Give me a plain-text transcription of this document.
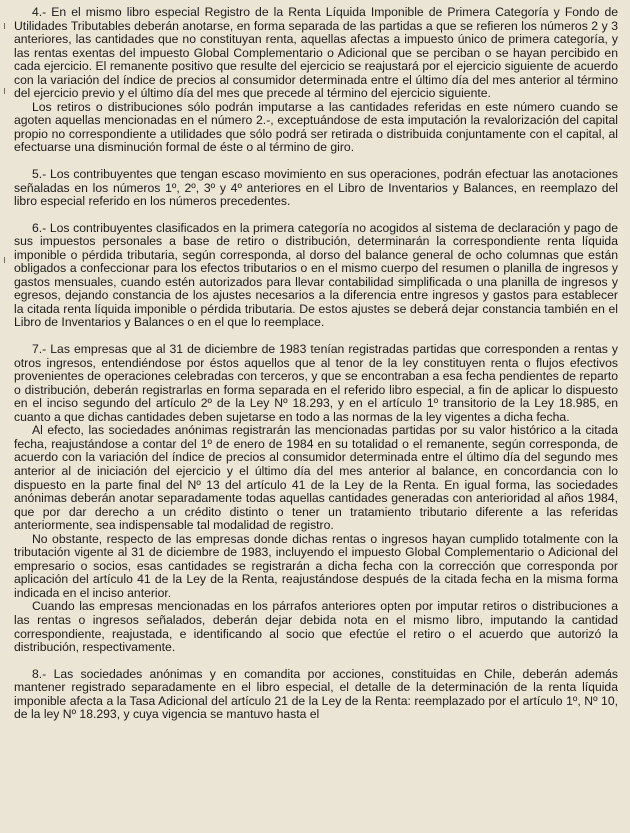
ı
ı
ı

4.- En el mismo libro especial Registro de la Renta Líquida Imponible de Primera Categoría y Fondo de Utilidades Tributables deberán anotarse, en forma separada de las partidas a que se refieren los números 2 y 3 anteriores, las cantidades que no constituyan renta, aquellas afectas a impuesto único de primera categoría, y las rentas exentas del impuesto Global Complementario o Adicional que se perciban o se hayan percibido en cada ejercicio. El remanente positivo que resulte del ejercicio se reajustará por el ejercicio siguiente de acuerdo con la variación del índice de precios al consumidor determinada entre el último día del mes anterior al término del ejercicio previo y el último día del mes que precede al término del ejercicio siguiente.

Los retiros o distribuciones sólo podrán imputarse a las cantidades referidas en este número cuando se agoten aquellas mencionadas en el número 2.-, exceptuándose de esta imputación la revalorización del capital propio no correspondiente a utilidades que sólo podrá ser retirada o distribuida conjuntamente con el capital, al efectuarse una disminución formal de éste o al término de giro.

5.- Los contribuyentes que tengan escaso movimiento en sus operaciones, podrán efectuar las anotaciones señaladas en los números 1º, 2º, 3º y 4º anteriores en el Libro de Inventarios y Balances, en reemplazo del libro especial referido en los números precedentes.

6.- Los contribuyentes clasificados en la primera categoría no acogidos al sistema de declaración y pago de sus impuestos personales a base de retiro o distribución, determinarán la correspondiente renta líquida imponible o pérdida tributaria, según corresponda, al dorso del balance general de ocho columnas que están obligados a confeccionar para los efectos tributarios o en el mismo cuerpo del resumen o planilla de ingresos y gastos mensuales, cuando estén autorizados para llevar contabilidad simplificada o una planilla de ingresos y egresos, dejando constancia de los ajustes necesarios a la diferencia entre ingresos y gastos para establecer la citada renta líquida imponible o pérdida tributaria. De estos ajustes se deberá dejar constancia también en el Libro de Inventarios y Balances o en el que lo reemplace.

7.- Las empresas que al 31 de diciembre de 1983 tenían registradas partidas que corresponden a rentas y otros ingresos, entendiéndose por éstos aquellos que al tenor de la ley constituyen renta o flujos efectivos provenientes de operaciones celebradas con terceros, y que se encontraban a esa fecha pendientes de reparto o distribución, deberán registrarlas en forma separada en el referido libro especial, a fin de aplicar lo dispuesto en el inciso segundo del artículo 2º de la Ley Nº 18.293, y en el artículo 1º transitorio de la Ley 18.985, en cuanto a que dichas cantidades deben sujetarse en todo a las normas de la ley vigentes a dicha fecha.

Al efecto, las sociedades anónimas registrarán las mencionadas partidas por su valor histórico a la citada fecha, reajustándose a contar del 1º de enero de 1984 en su totalidad o el remanente, según corresponda, de acuerdo con la variación del índice de precios al consumidor determinada entre el último día del segundo mes anterior al de iniciación del ejercicio y el último día del mes anterior al balance, en concordancia con lo dispuesto en la parte final del Nº 13 del artículo 41 de la Ley de la Renta. En igual forma, las sociedades anónimas deberán anotar separadamente todas aquellas cantidades generadas con anterioridad al años 1984, que por dar derecho a un crédito distinto o tener un tratamiento tributario diferente a las referidas anteriormente, sea indispensable tal modalidad de registro.

No obstante, respecto de las empresas donde dichas rentas o ingresos hayan cumplido totalmente con la tributación vigente al 31 de diciembre de 1983, incluyendo el impuesto Global Complementario o Adicional del empresario o socios, esas cantidades se registrarán a dicha fecha con la corrección que corresponda por aplicación del artículo 41 de la Ley de la Renta, reajustándose después de la citada fecha en la misma forma indicada en el inciso anterior.

Cuando las empresas mencionadas en los párrafos anteriores opten por imputar retiros o distribuciones a las rentas o ingresos señalados, deberán dejar debida nota en el mismo libro, imputando la cantidad correspondiente, reajustada, e identificando al socio que efectúe el retiro o el acuerdo que autorizó la distribución, respectivamente.

8.- Las sociedades anónimas y en comandita por acciones, constituidas en Chile, deberán además mantener registrado separadamente en el libro especial, el detalle de la determinación de la renta líquida imponible afecta a la Tasa Adicional del artículo 21 de la Ley de la Renta: reemplazado por el artículo 1º, Nº 10, de la ley Nº 18.293, y cuya vigencia se mantuvo hasta el
